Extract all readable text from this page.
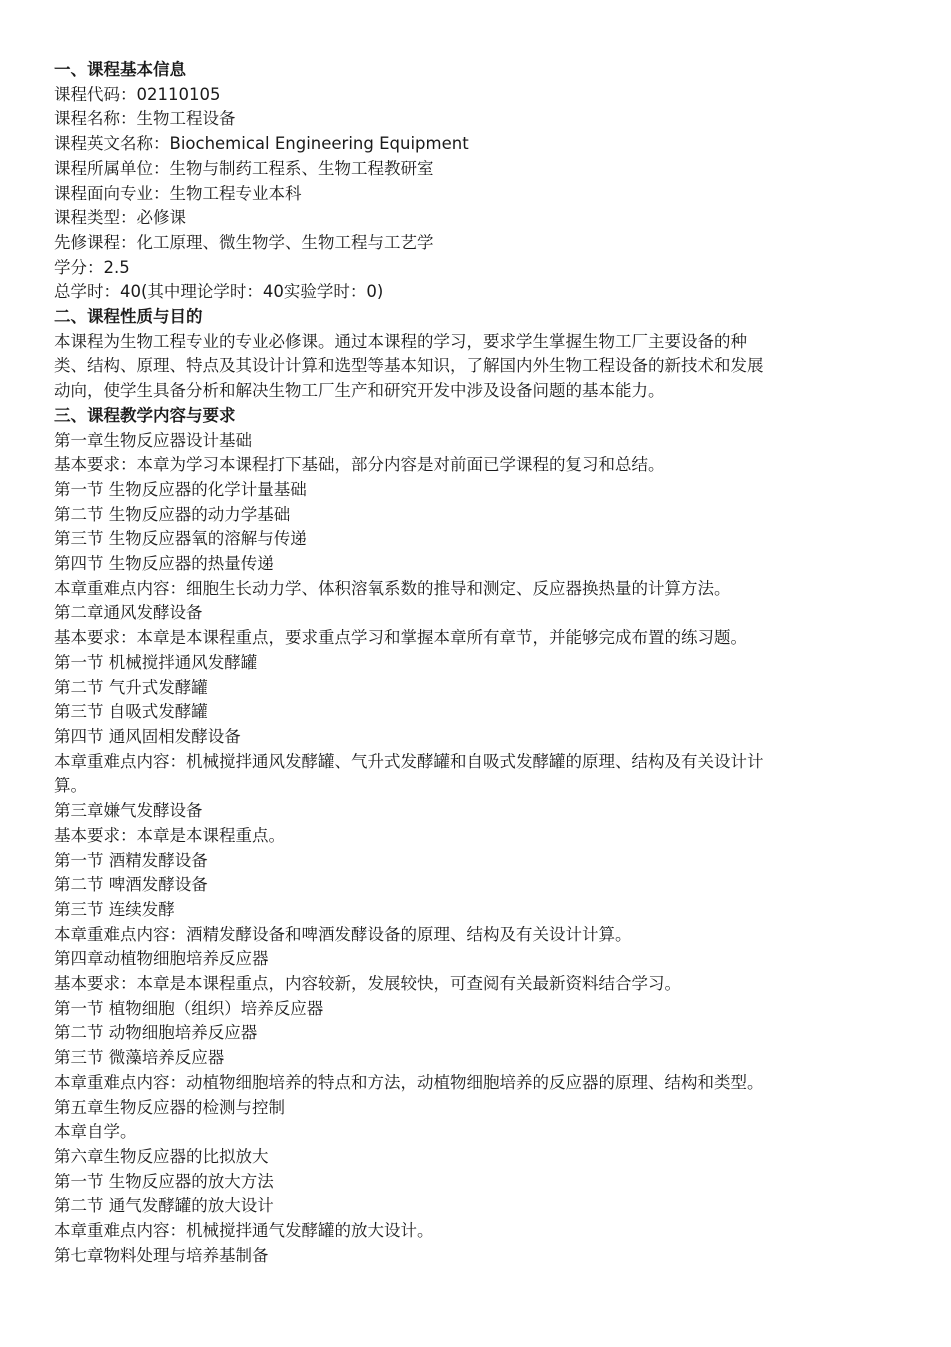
一、课程基本信息
课程代码：02110105
课程名称：生物工程设备
课程英文名称：Biochemical Engineering Equipment
课程所属单位：生物与制药工程系、生物工程教研室
课程面向专业：生物工程专业本科
课程类型：必修课
先修课程：化工原理、微生物学、生物工程与工艺学
学分：2.5
总学时：40(其中理论学时：40实验学时：0)
二、课程性质与目的
本课程为生物工程专业的专业必修课。通过本课程的学习，要求学生掌握生物工厂主要设备的种
类、结构、原理、特点及其设计计算和选型等基本知识，了解国内外生物工程设备的新技术和发展
动向，使学生具备分析和解决生物工厂生产和研究开发中涉及设备问题的基本能力。
三、课程教学内容与要求
第一章生物反应器设计基础
基本要求：本章为学习本课程打下基础，部分内容是对前面已学课程的复习和总结。
第一节 生物反应器的化学计量基础
第二节 生物反应器的动力学基础
第三节 生物反应器氧的溶解与传递
第四节 生物反应器的热量传递
本章重难点内容：细胞生长动力学、体积溶氧系数的推导和测定、反应器换热量的计算方法。
第二章通风发酵设备
基本要求：本章是本课程重点，要求重点学习和掌握本章所有章节，并能够完成布置的练习题。
第一节 机械搅拌通风发酵罐
第二节 气升式发酵罐
第三节 自吸式发酵罐
第四节 通风固相发酵设备
本章重难点内容：机械搅拌通风发酵罐、气升式发酵罐和自吸式发酵罐的原理、结构及有关设计计
算。
第三章嫌气发酵设备
基本要求：本章是本课程重点。
第一节 酒精发酵设备
第二节 啤酒发酵设备
第三节 连续发酵
本章重难点内容：酒精发酵设备和啤酒发酵设备的原理、结构及有关设计计算。
第四章动植物细胞培养反应器
基本要求：本章是本课程重点，内容较新，发展较快，可查阅有关最新资料结合学习。
第一节 植物细胞（组织）培养反应器
第二节 动物细胞培养反应器
第三节 微藻培养反应器
本章重难点内容：动植物细胞培养的特点和方法，动植物细胞培养的反应器的原理、结构和类型。
第五章生物反应器的检测与控制
本章自学。
第六章生物反应器的比拟放大
第一节 生物反应器的放大方法
第二节 通气发酵罐的放大设计
本章重难点内容：机械搅拌通气发酵罐的放大设计。
第七章物料处理与培养基制备
